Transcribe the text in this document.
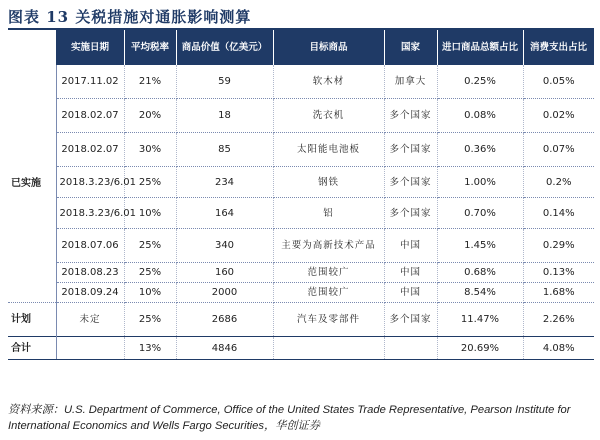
图表 13 关税措施对通胀影响测算
	实施日期	平均税率	商品价值（亿美元）	目标商品	国家	进口商品总额占比	消费支出占比
已实施	2017.11.02	21%	59	软木材	加拿大	0.25%	0.05%
	2018.02.07	20%	18	洗衣机	多个国家	0.08%	0.02%
	2018.02.07	30%	85	太阳能电池板	多个国家	0.36%	0.07%
	2018.3.23/6.01	25%	234	钢铁	多个国家	1.00%	0.2%
	2018.3.23/6.01	10%	164	铝	多个国家	0.70%	0.14%
	2018.07.06	25%	340	主要为高新技术产品	中国	1.45%	0.29%
	2018.08.23	25%	160	范围较广	中国	0.68%	0.13%
	2018.09.24	10%	2000	范围较广	中国	8.54%	1.68%
计划	未定	25%	2686	汽车及零部件	多个国家	11.47%	2.26%
合计		13%	4846			20.69%	4.08%
资料来源：U.S. Department of Commerce, Office of the United States Trade Representative, Pearson Institute for International Economics and Wells Fargo Securities，华创证券
